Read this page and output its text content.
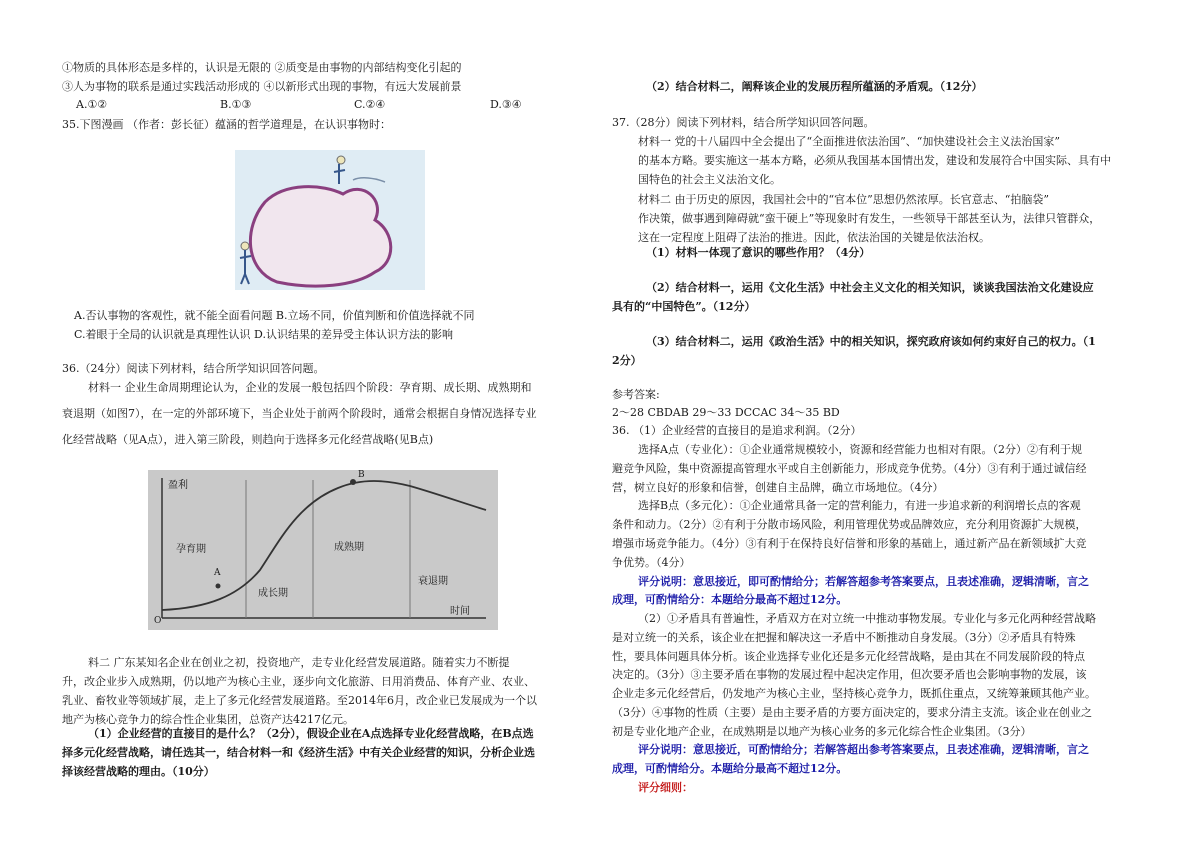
①物质的具体形态是多样的，认识是无限的 ②质变是由事物的内部结构变化引起的
③人为事物的联系是通过实践活动形成的 ④以新形式出现的事物，有远大发展前景
A.①②	B.①③	C.②④	D.③④
35.下图漫画 （作者：彭长征）蕴涵的哲学道理是，在认识事物时：
A.否认事物的客观性，就不能全面看问题 B.立场不同，价值判断和价值选择就不同
C.着眼于全局的认识就是真理性认识 D.认识结果的差异受主体认识方法的影响
36.（24分）阅读下列材料，结合所学知识回答问题。
材料一 企业生命周期理论认为，企业的发展一般包括四个阶段：孕育期、成长期、成熟期和
衰退期（如图7），在一定的外部环境下，当企业处于前两个阶段时，通常会根据自身情况选择专业
化经营战略（见A点），进入第三阶段，则趋向于选择多元化经营战略(见B点)
盈利
时间
O
孕育期
成长期
成熟期
衰退期
A
B
料二 广东某知名企业在创业之初，投资地产，走专业化经营发展道路。随着实力不断提
升，改企业步入成熟期，仍以地产为核心主业，逐步向文化旅游、日用消费品、体育产业、农业、
乳业、畜牧业等领域扩展，走上了多元化经营发展道路。至2014年6月，改企业已发展成为一个以
地产为核心竞争力的综合性企业集团，总资产达4217亿元。
（1）企业经营的直接目的是什么？（2分），假设企业在A点选择专业化经营战略，在B点选
择多元化经营战略，请任选其一，结合材料一和《经济生活》中有关企业经营的知识，分析企业选
择该经营战略的理由。（10分）
（2）结合材料二，阐释该企业的发展历程所蕴涵的矛盾观。（12分）
37.（28分）阅读下列材料，结合所学知识回答问题。
材料一 党的十八届四中全会提出了“全面推进依法治国”、“加快建设社会主义法治国家”
的基本方略。要实施这一基本方略，必须从我国基本国情出发，建设和发展符合中国实际、具有中
国特色的社会主义法治文化。
材料二 由于历史的原因，我国社会中的“官本位”思想仍然浓厚。长官意志、“拍脑袋”
作决策，做事遇到障碍就“蛮干硬上”等现象时有发生，一些领导干部甚至认为，法律只管群众，
这在一定程度上阻碍了法治的推进。因此，依法治国的关键是依法治权。
（1）材料一体现了意识的哪些作用？（4分）
（2）结合材料一，运用《文化生活》中社会主义文化的相关知识，谈谈我国法治文化建设应
具有的“中国特色”。（12分）
（3）结合材料二，运用《政治生活》中的相关知识，探究政府该如何约束好自己的权力。（1
2分）
参考答案:
2～28 CBDAB 29～33 DCCAC 34～35 BD
36. （1）企业经营的直接目的是追求利润。（2分）
选择A点（专业化）：①企业通常规模较小，资源和经营能力也相对有限。（2分）②有利于规
避竞争风险，集中资源提高管理水平或自主创新能力，形成竞争优势。（4分）③有利于通过诚信经
营，树立良好的形象和信誉，创建自主品牌，确立市场地位。（4分）
选择B点（多元化）：①企业通常具备一定的营利能力，有进一步追求新的利润增长点的客观
条件和动力。（2分）②有利于分散市场风险，利用管理优势或品牌效应，充分利用资源扩大规模，
增强市场竞争能力。（4分）③有利于在保持良好信誉和形象的基础上，通过新产品在新领域扩大竞
争优势。（4分）
评分说明：意思接近，即可酌情给分；若解答超参考答案要点，且表述准确，逻辑清晰，言之
成理，可酌情给分：本题给分最高不超过12分。
（2）①矛盾具有普遍性，矛盾双方在对立统一中推动事物发展。专业化与多元化两种经营战略
是对立统一的关系，该企业在把握和解决这一矛盾中不断推动自身发展。（3分）②矛盾具有特殊
性，要具体问题具体分析。该企业选择专业化还是多元化经营战略，是由其在不同发展阶段的特点
决定的。（3分）③主要矛盾在事物的发展过程中起决定作用，但次要矛盾也会影响事物的发展，该
企业走多元化经营后，仍发地产为核心主业，坚持核心竞争力，既抓住重点，又统筹兼顾其他产业。
（3分）④事物的性质（主要）是由主要矛盾的方要方面决定的，要求分清主支流。该企业在创业之
初是专业化地产企业，在成熟期是以地产为核心业务的多元化综合性企业集团。（3分）
评分说明：意思接近，可酌情给分；若解答超出参考答案要点，且表述准确，逻辑清晰，言之
成理，可酌情给分。本题给分最高不超过12分。
评分细则：
